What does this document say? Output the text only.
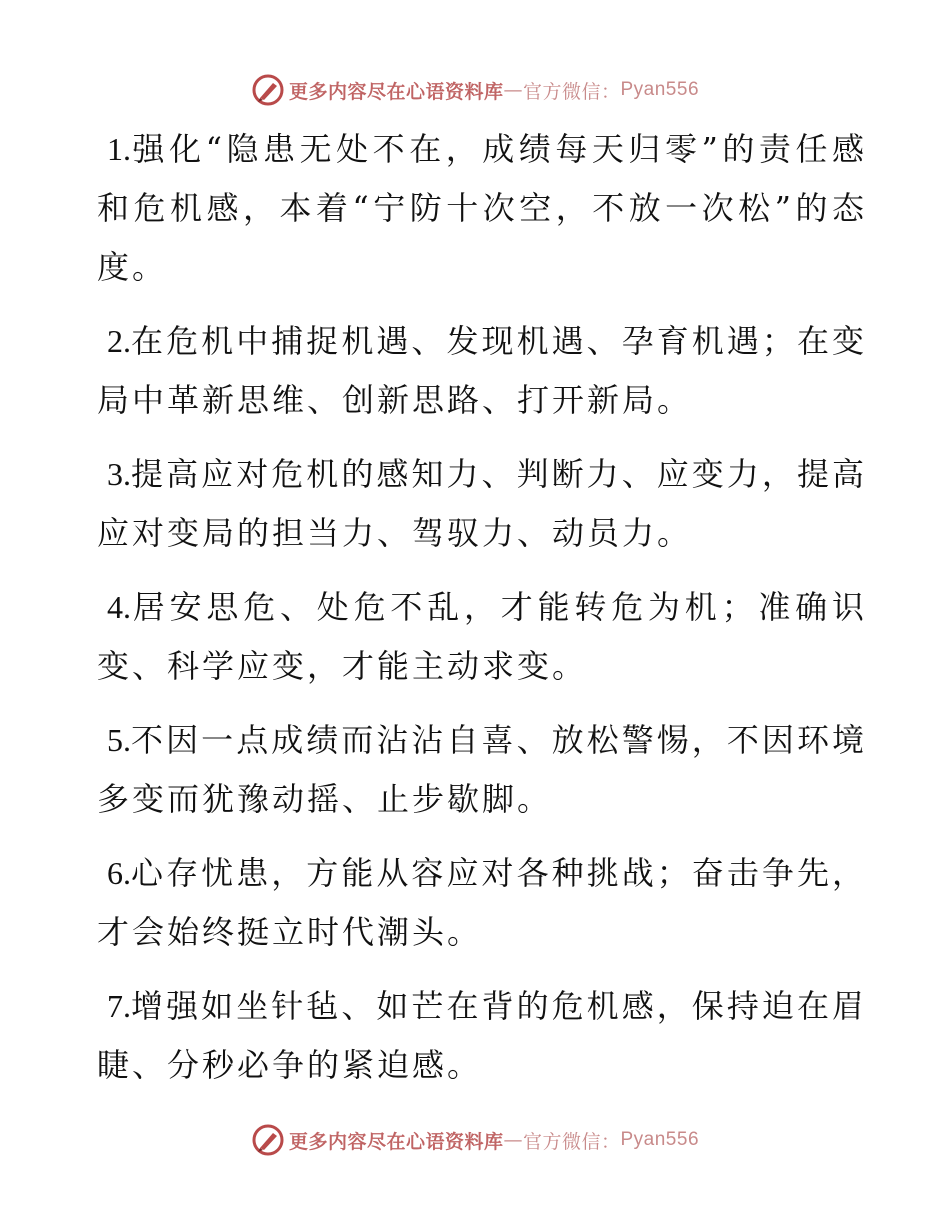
更多内容尽在心语资料库 — 官方微信： Pyan556

1.强化“隐患无处不在，成绩每天归零”的责任感和危机感，本着“宁防十次空，不放一次松”的态度。

2.在危机中捕捉机遇、发现机遇、孕育机遇；在变局中革新思维、创新思路、打开新局。

3.提高应对危机的感知力、判断力、应变力，提高应对变局的担当力、驾驭力、动员力。

4.居安思危、处危不乱，才能转危为机；准确识变、科学应变，才能主动求变。

5.不因一点成绩而沾沾自喜、放松警惕，不因环境多变而犹豫动摇、止步歇脚。

6.心存忧患，方能从容应对各种挑战；奋击争先，才会始终挺立时代潮头。

7.增强如坐针毡、如芒在背的危机感，保持迫在眉睫、分秒必争的紧迫感。

更多内容尽在心语资料库 — 官方微信： Pyan556
